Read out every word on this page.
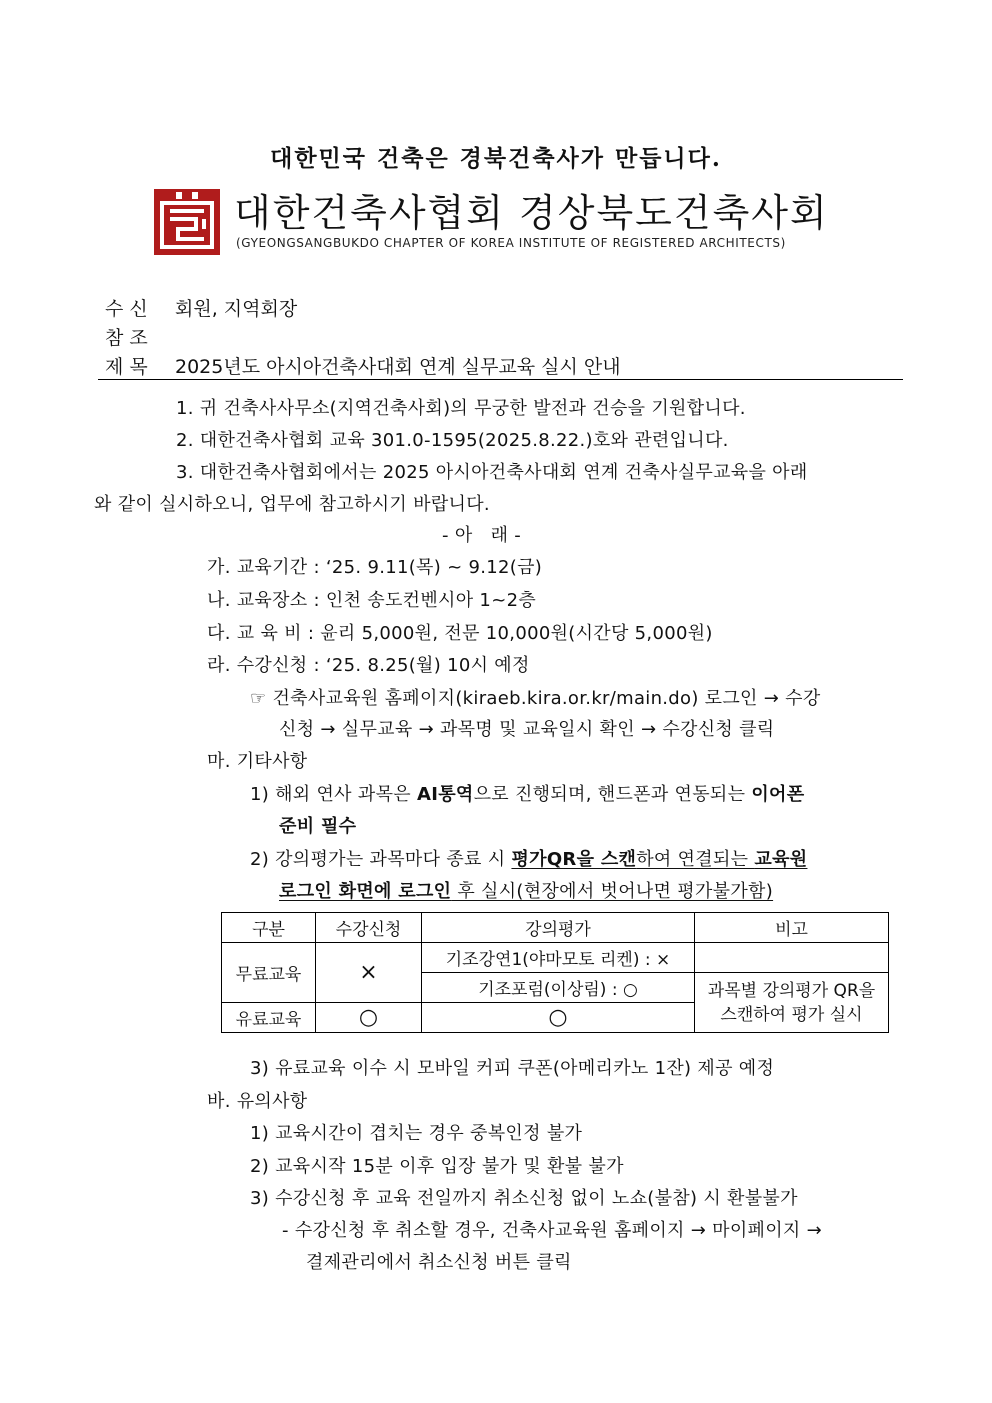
대한민국 건축은 경북건축사가 만듭니다.
대한건축사협회 경상북도건축사회
(GYEONGSANGBUKDO CHAPTER OF KOREA INSTITUTE OF REGISTERED ARCHITECTS)
수 신 회원, 지역회장
참 조
제 목 2025년도 아시아건축사대회 연계 실무교육 실시 안내
1. 귀 건축사사무소(지역건축사회)의 무궁한 발전과 건승을 기원합니다.
2. 대한건축사협회 교육 301.0-1595(2025.8.22.)호와 관련입니다.
3. 대한건축사협회에서는 2025 아시아건축사대회 연계 건축사실무교육을 아래
와 같이 실시하오니, 업무에 참고하시기 바랍니다.
- 아   래 -
가. 교육기간 : ‘25. 9.11(목) ~ 9.12(금)
나. 교육장소 : 인천 송도컨벤시아 1~2층
다. 교 육 비 : 윤리 5,000원, 전문 10,000원(시간당 5,000원)
라. 수강신청 : ‘25. 8.25(월) 10시 예정
☞ 건축사교육원 홈페이지(kiraeb.kira.or.kr/main.do) 로그인 → 수강
신청 → 실무교육 → 과목명 및 교육일시 확인 → 수강신청 클릭
마. 기타사항
1) 해외 연사 과목은 AI통역으로 진행되며, 핸드폰과 연동되는 이어폰
준비 필수
2) 강의평가는 과목마다 종료 시 평가QR을 스캔하여 연결되는 교육원
로그인 화면에 로그인 후 실시(현장에서 벗어나면 평가불가함)
구분	수강신청	강의평가	비고
무료교육	×	기조강연1(야마모토 리켄) : ×	
		기조포럼(이상림) : ○	과목별 강의평가 QR을
스캔하여 평가 실시
유료교육	○	○	
3) 유료교육 이수 시 모바일 커피 쿠폰(아메리카노 1잔) 제공 예정
바. 유의사항
1) 교육시간이 겹치는 경우 중복인정 불가
2) 교육시작 15분 이후 입장 불가 및 환불 불가
3) 수강신청 후 교육 전일까지 취소신청 없이 노쇼(불참) 시 환불불가
- 수강신청 후 취소할 경우, 건축사교육원 홈페이지 → 마이페이지 →
결제관리에서 취소신청 버튼 클릭
